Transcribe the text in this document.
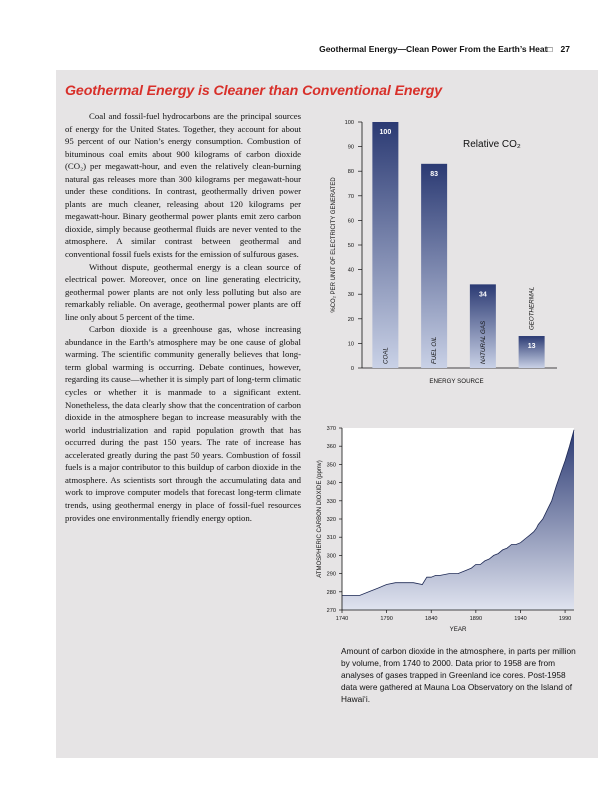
Geothermal Energy—Clean Power From the Earth’s Heat□ 27
Geothermal Energy is Cleaner than Conventional Energy

Coal and fossil-fuel hydrocarbons are the principal sources of energy for the United States. Together, they account for about 95 percent of our Nation’s energy consumption. Combustion of bituminous coal emits about 900 kilograms of carbon dioxide (CO₂) per megawatt-hour, and even the relatively clean-burning natural gas releases more than 300 kilograms per megawatt-hour under these conditions. In contrast, geothermally driven power plants are much cleaner, releasing about 120 kilograms per megawatt-hour. Binary geothermal power plants emit zero carbon dioxide, simply because geothermal fluids are never vented to the atmosphere. A similar contrast between geothermal and conventional fossil fuels exists for the emission of sulfurous gases.

Without dispute, geothermal energy is a clean source of electrical power. Moreover, once on line generating electricity, geothermal power plants are not only less polluting but also are remarkably reliable. On average, geothermal power plants are off line only about 5 percent of the time.

Carbon dioxide is a greenhouse gas, whose increasing abundance in the Earth’s atmosphere may be one cause of global warming. The scientific community generally believes that long-term global warming is occurring. Debate continues, however, regarding its cause—whether it is simply part of long-term climatic cycles or whether it is manmade to a significant extent. Nonetheless, the data clearly show that the concentration of carbon dioxide in the atmosphere began to increase measurably with the world industrialization and rapid population growth that has occurred during the past 150 years. The rate of increase has accelerated greatly during the past 50 years. Combustion of fossil fuels is a major contributor to this buildup of carbon dioxide in the atmosphere. As scientists sort through the accumulating data and work to improve computer models that forecast long-term climate trends, using geothermal energy in place of fossil-fuel resources provides one environmentally friendly energy option.

%CO₂ PER UNIT OF ELECTRICITY GENERATED
ENERGY SOURCE
Relative CO₂
0
10
20
30
40
50
60
70
80
90
100
100
COAL
83
FUEL OIL
34
NATURAL GAS	13
GEOTHERMAL
ATMOSPHERIC CARBON DIOXIDE (ppmv)
YEAR
270
280
290
300
310
320
330
340
350
360
370
1740	1790	1840	1890	1940	1990
Amount of carbon dioxide in the atmosphere, in parts per million by volume, from 1740 to 2000. Data prior to 1958 are from analyses of gases trapped in Greenland ice cores. Post-1958 data were gathered at Mauna Loa Observatory on the Island of Hawai‘i.
